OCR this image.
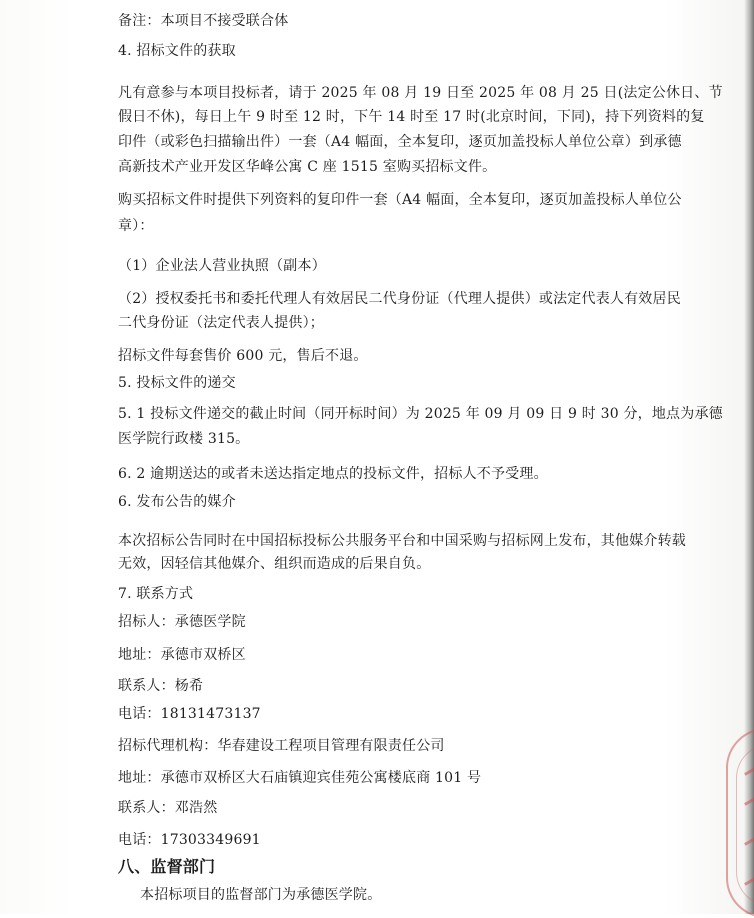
备注：本项目不接受联合体
4. 招标文件的获取
凡有意参与本项目投标者，请于 2025 年 08 月 19 日至 2025 年 08 月 25 日(法定公休日、节
假日不休)，每日上午 9 时至 12 时，下午 14 时至 17 时(北京时间，下同)，持下列资料的复
印件（或彩色扫描输出件）一套（A4 幅面，全本复印，逐页加盖投标人单位公章）到承德
高新技术产业开发区华峰公寓 C 座 1515 室购买招标文件。
购买招标文件时提供下列资料的复印件一套（A4 幅面，全本复印，逐页加盖投标人单位公
章）：
（1）企业法人营业执照（副本）
（2）授权委托书和委托代理人有效居民二代身份证（代理人提供）或法定代表人有效居民
二代身份证（法定代表人提供）；
招标文件每套售价 600 元，售后不退。
5. 投标文件的递交
5. 1 投标文件递交的截止时间（同开标时间）为 2025 年 09 月 09 日 9 时 30 分，地点为承德
医学院行政楼 315。
6. 2 逾期送达的或者未送达指定地点的投标文件，招标人不予受理。
6. 发布公告的媒介
本次招标公告同时在中国招标投标公共服务平台和中国采购与招标网上发布，其他媒介转载
无效，因轻信其他媒介、组织而造成的后果自负。
7. 联系方式
招标人：承德医学院
地址：承德市双桥区
联系人：杨希
电话：18131473137
招标代理机构：华春建设工程项目管理有限责任公司
地址：承德市双桥区大石庙镇迎宾佳苑公寓楼底商 101 号
联系人：邓浩然
电话：17303349691
八、监督部门
本招标项目的监督部门为承德医学院。
